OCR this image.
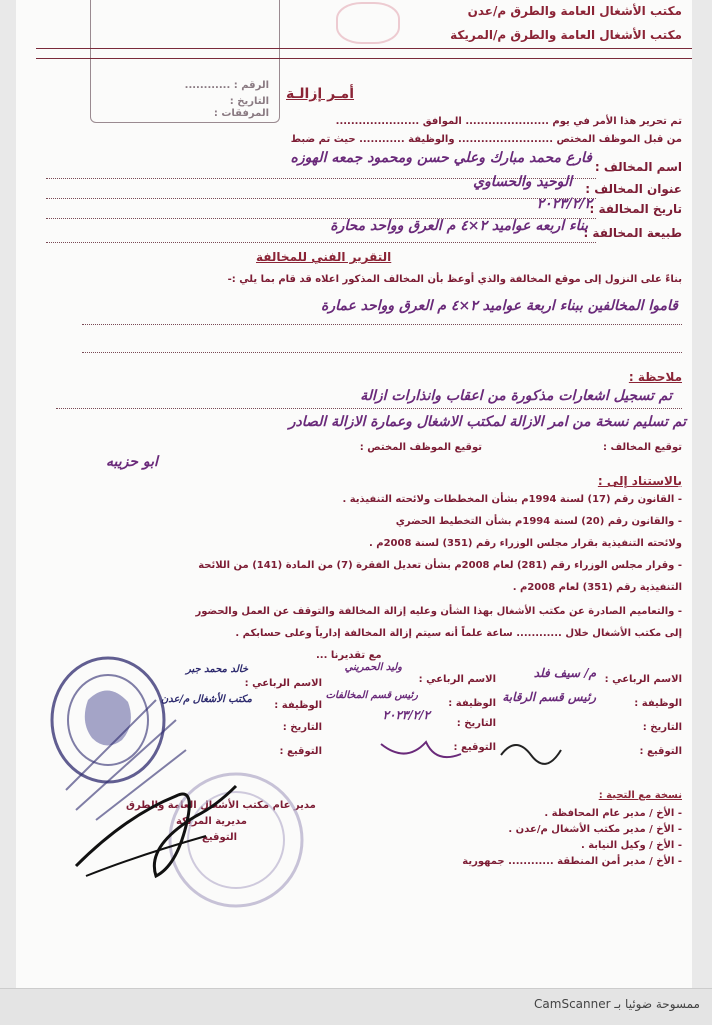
الرقم : ............
التاريخ :
المرفقات :
مكتب الأشغال العامة والطرق م/عدن
مكتب الأشغال العامة والطرق م/المريكة
أمـر إزالـة
تم تحرير هذا الأمر في يوم ...................... الموافق ......................
من قبل الموظف المختص ......................... والوظيفة ............ حيث تم ضبط
اسم المخالف :
فارع محمد مبارك وعلي حسن ومحمود جمعه الهوزه
عنوان المخالف :
الوحيد والحساوي
تاريخ المخالفة :
٢٠٢٣/٢/٢
طبيعة المخالفة :
بناء اربعه عواميد ٢×٤ م العرق وواحد محارة
التقرير الفني للمخالفة
بناءً على النزول إلى موقع المخالفة والذي أوعظ بأن المخالف المذكور اعلاه قد قام بما يلي :-
قاموا المخالفين ببناء اربعة عواميد ٢×٤ م العرق وواحد عمارة
ملاحظة :
تم تسجيل اشعارات مذكورة من اعقاب وانذارات ازالة
تم تسليم نسخة من امر الازالة لمكتب الاشغال وعمارة الازالة الصادر
توقيع المخالف :
توقيع الموظف المختص :
ابو حزيبه
بالاستناد إلى :
- القانون رقم (17) لسنة 1994م بشأن المخططات ولائحته التنفيذية .
- والقانون رقم (20) لسنة 1994م بشأن التخطيط الحضري
ولائحته التنفيذية بقرار مجلس الوزراء رقم (351) لسنة 2008م .
- وقرار مجلس الوزراء رقم (281) لعام 2008م بشأن تعديل الفقرة (7) من المادة (141) من اللائحة
التنفيذية رقم (351) لعام 2008م .
- والتعاميم الصادرة عن مكتب الأشغال بهذا الشأن وعليه إزالة المخالفة والتوقف عن العمل والحضور
إلى مكتب الأشغال خلال ............ ساعة علماً أنه سيتم إزالة المخالفة إدارياً وعلى حسابكم .
مع تقديرنا ...
الاسم الرباعي :
م/ سيف فلد
الوظيفة :
رئيس قسم الرقابة
التاريخ :
التوقيع :
الاسم الرباعي :
وليد الحمريني
الوظيفة :
رئيس قسم المخالفات
التاريخ :
٢٠٢٣/٢/٢
التوقيع :
الاسم الرباعي :
خالد محمد جبر
الوظيفة :
مكتب الأشغال م/عدن
التاريخ :
التوقيع :
مدير عام مكتب الأشغال العامة والطرق
مديرية المريكة
التوقيع
نسخة مع التحية :
- الأخ / مدير عام المحافظة .
- الأخ / مدير مكتب الأشغال م/عدن .
- الأخ / وكيل النيابة .
- الأخ / مدير أمن المنطقة ............ جمهورية
ممسوحة ضوئيا بـ CamScanner
